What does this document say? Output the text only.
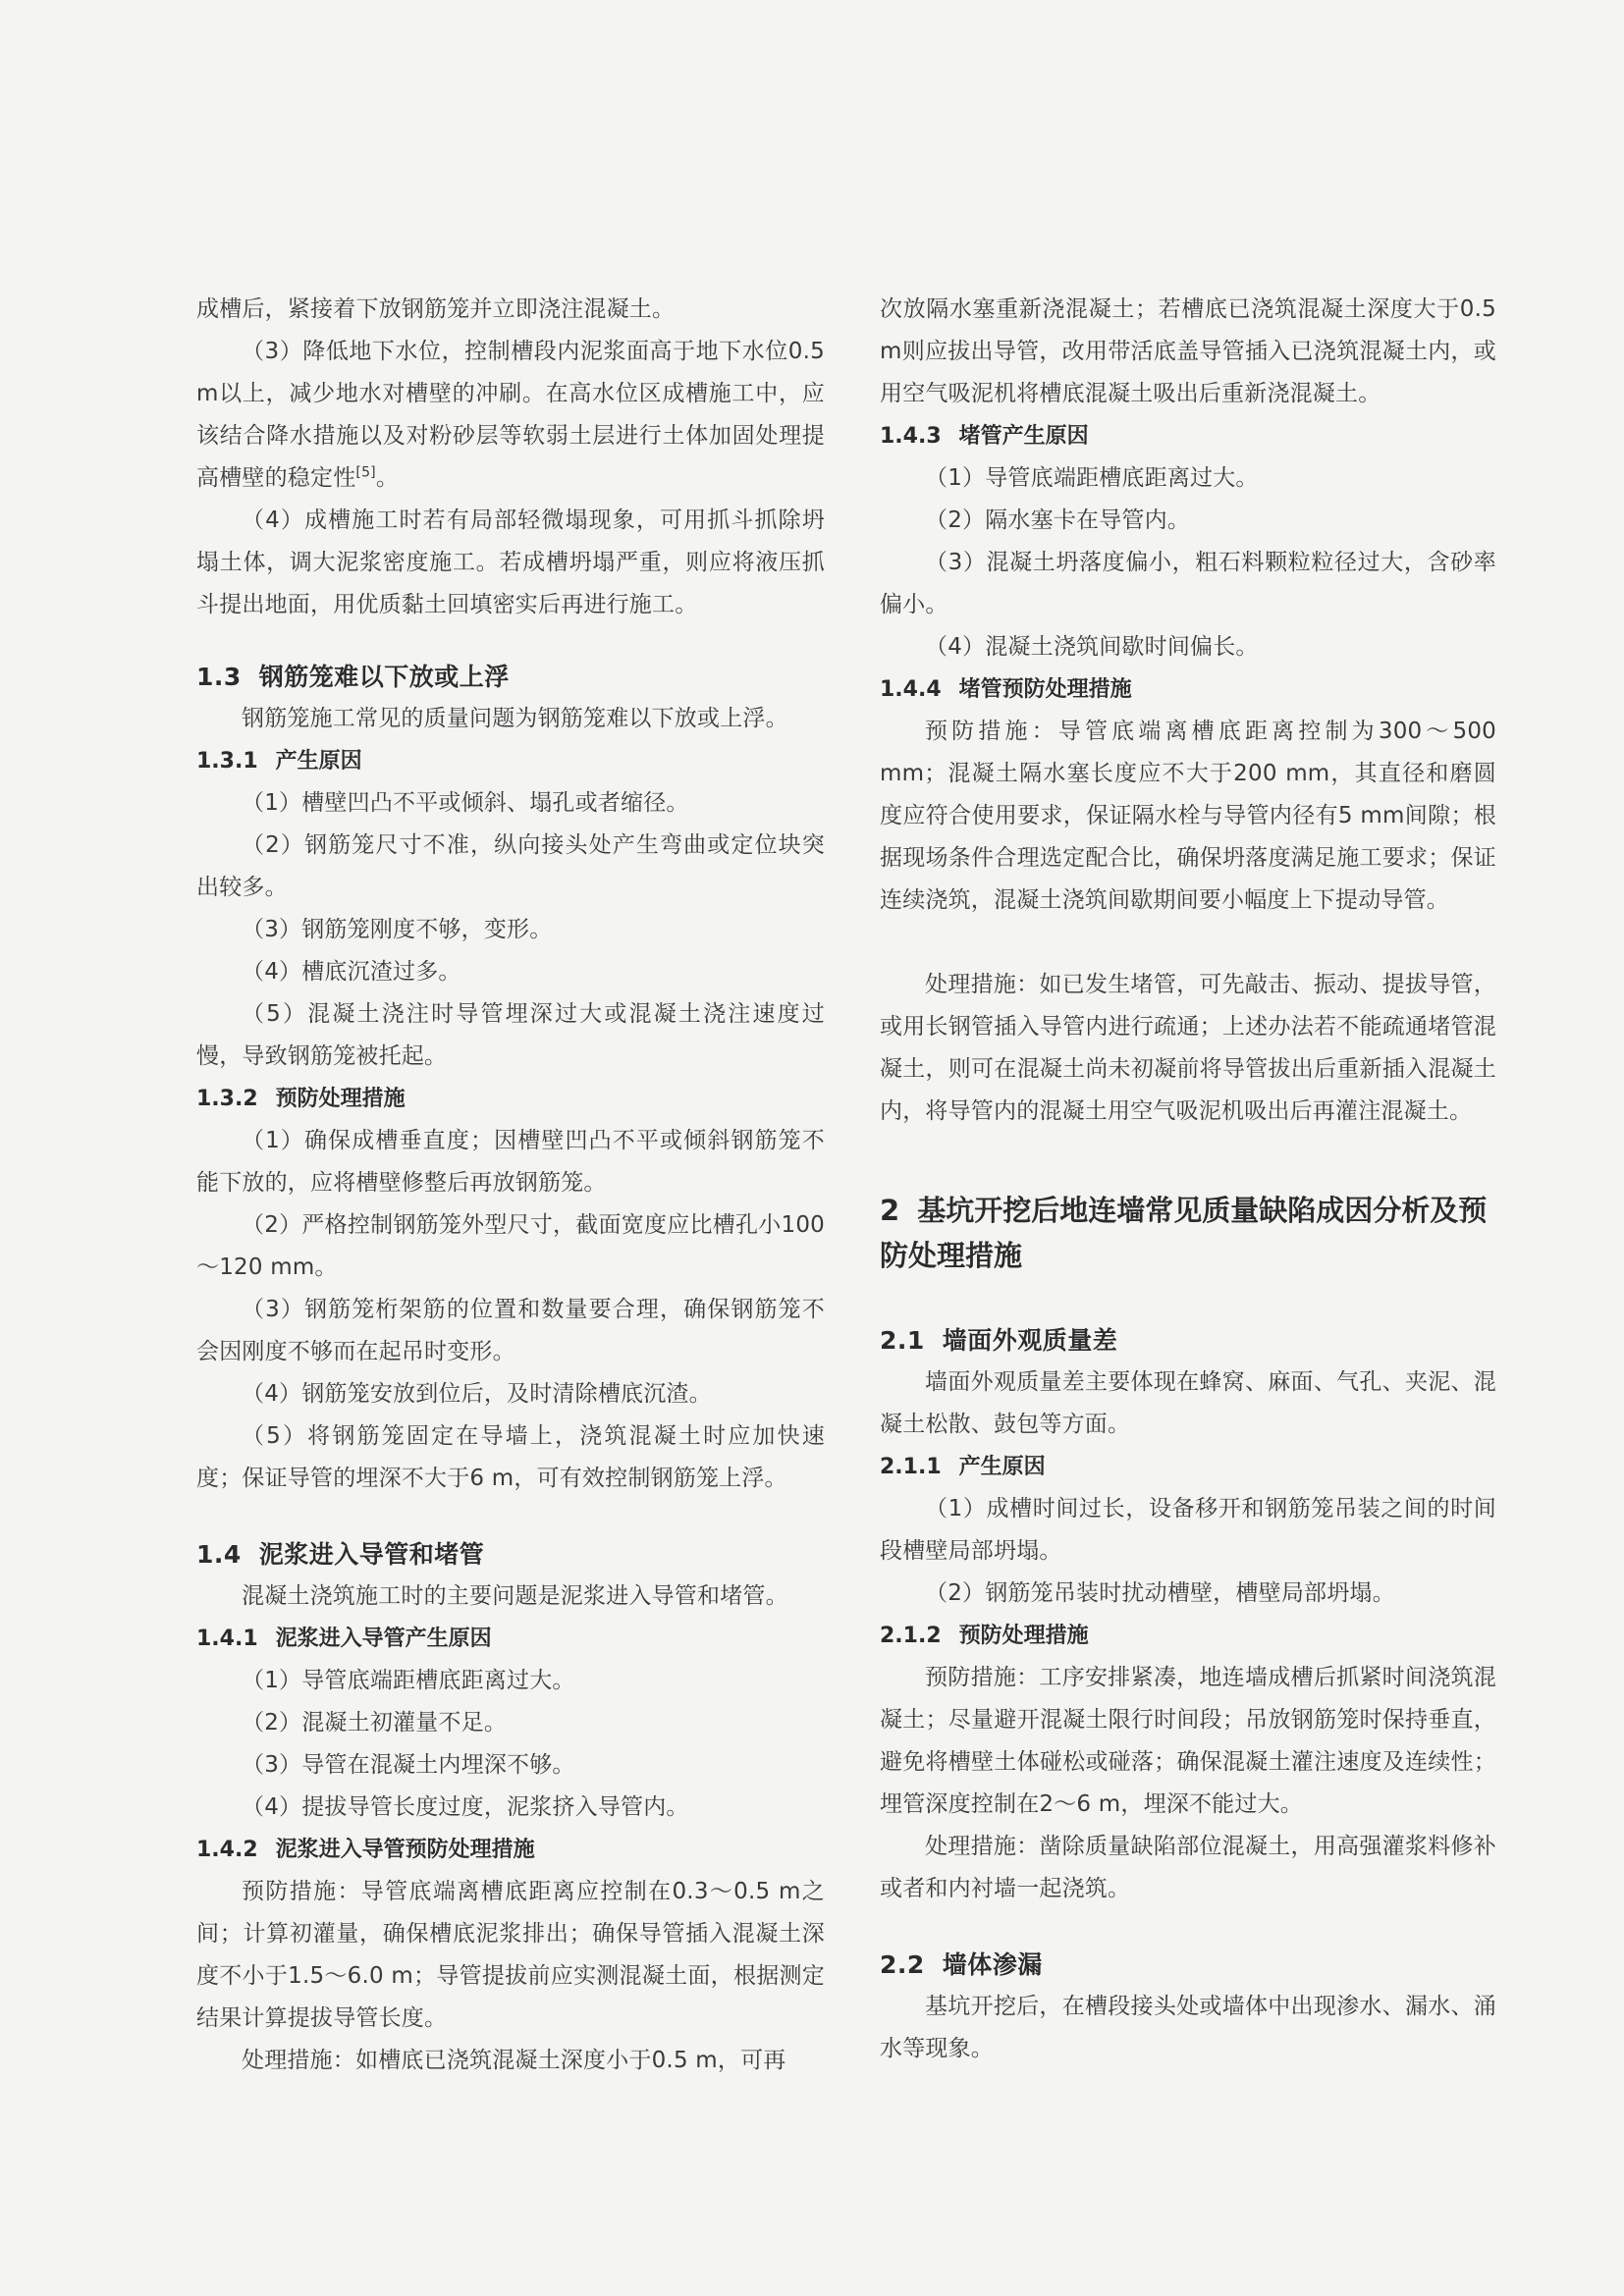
成槽后，紧接着下放钢筋笼并立即浇注混凝土。

（3）降低地下水位，控制槽段内泥浆面高于地下水位0.5 m以上，减少地水对槽壁的冲刷。在高水位区成槽施工中，应该结合降水措施以及对粉砂层等软弱土层进行土体加固处理提高槽壁的稳定性[5]。

（4）成槽施工时若有局部轻微塌现象，可用抓斗抓除坍塌土体，调大泥浆密度施工。若成槽坍塌严重，则应将液压抓斗提出地面，用优质黏土回填密实后再进行施工。

1.3 钢筋笼难以下放或上浮

钢筋笼施工常见的质量问题为钢筋笼难以下放或上浮。

1.3.1 产生原因

（1）槽壁凹凸不平或倾斜、塌孔或者缩径。

（2）钢筋笼尺寸不准，纵向接头处产生弯曲或定位块突出较多。

（3）钢筋笼刚度不够，变形。

（4）槽底沉渣过多。

（5）混凝土浇注时导管埋深过大或混凝土浇注速度过慢，导致钢筋笼被托起。

1.3.2 预防处理措施

（1）确保成槽垂直度；因槽壁凹凸不平或倾斜钢筋笼不能下放的，应将槽壁修整后再放钢筋笼。

（2）严格控制钢筋笼外型尺寸，截面宽度应比槽孔小100～120 mm。

（3）钢筋笼桁架筋的位置和数量要合理，确保钢筋笼不会因刚度不够而在起吊时变形。

（4）钢筋笼安放到位后，及时清除槽底沉渣。

（5）将钢筋笼固定在导墙上，浇筑混凝土时应加快速度；保证导管的埋深不大于6 m，可有效控制钢筋笼上浮。

1.4 泥浆进入导管和堵管

混凝土浇筑施工时的主要问题是泥浆进入导管和堵管。

1.4.1 泥浆进入导管产生原因

（1）导管底端距槽底距离过大。

（2）混凝土初灌量不足。

（3）导管在混凝土内埋深不够。

（4）提拔导管长度过度，泥浆挤入导管内。

1.4.2 泥浆进入导管预防处理措施

预防措施：导管底端离槽底距离应控制在0.3～0.5 m之间；计算初灌量，确保槽底泥浆排出；确保导管插入混凝土深度不小于1.5～6.0 m；导管提拔前应实测混凝土面，根据测定结果计算提拔导管长度。

处理措施：如槽底已浇筑混凝土深度小于0.5 m，可再

次放隔水塞重新浇混凝土；若槽底已浇筑混凝土深度大于0.5 m则应拔出导管，改用带活底盖导管插入已浇筑混凝土内，或用空气吸泥机将槽底混凝土吸出后重新浇混凝土。

1.4.3 堵管产生原因

（1）导管底端距槽底距离过大。

（2）隔水塞卡在导管内。

（3）混凝土坍落度偏小，粗石料颗粒粒径过大，含砂率偏小。

（4）混凝土浇筑间歇时间偏长。

1.4.4 堵管预防处理措施

预防措施：导管底端离槽底距离控制为300～500 mm；混凝土隔水塞长度应不大于200 mm，其直径和磨圆度应符合使用要求，保证隔水栓与导管内径有5 mm间隙；根据现场条件合理选定配合比，确保坍落度满足施工要求；保证连续浇筑，混凝土浇筑间歇期间要小幅度上下提动导管。

处理措施：如已发生堵管，可先敲击、振动、提拔导管，或用长钢管插入导管内进行疏通；上述办法若不能疏通堵管混凝土，则可在混凝土尚未初凝前将导管拔出后重新插入混凝土内，将导管内的混凝土用空气吸泥机吸出后再灌注混凝土。

2 基坑开挖后地连墙常见质量缺陷成因分析及预防处理措施

2.1 墙面外观质量差

墙面外观质量差主要体现在蜂窝、麻面、气孔、夹泥、混凝土松散、鼓包等方面。

2.1.1 产生原因

（1）成槽时间过长，设备移开和钢筋笼吊装之间的时间段槽壁局部坍塌。

（2）钢筋笼吊装时扰动槽壁，槽壁局部坍塌。

2.1.2 预防处理措施

预防措施：工序安排紧凑，地连墙成槽后抓紧时间浇筑混凝土；尽量避开混凝土限行时间段；吊放钢筋笼时保持垂直，避免将槽壁土体碰松或碰落；确保混凝土灌注速度及连续性；埋管深度控制在2～6 m，埋深不能过大。

处理措施：凿除质量缺陷部位混凝土，用高强灌浆料修补或者和内衬墙一起浇筑。

2.2 墙体渗漏

基坑开挖后，在槽段接头处或墙体中出现渗水、漏水、涌水等现象。
